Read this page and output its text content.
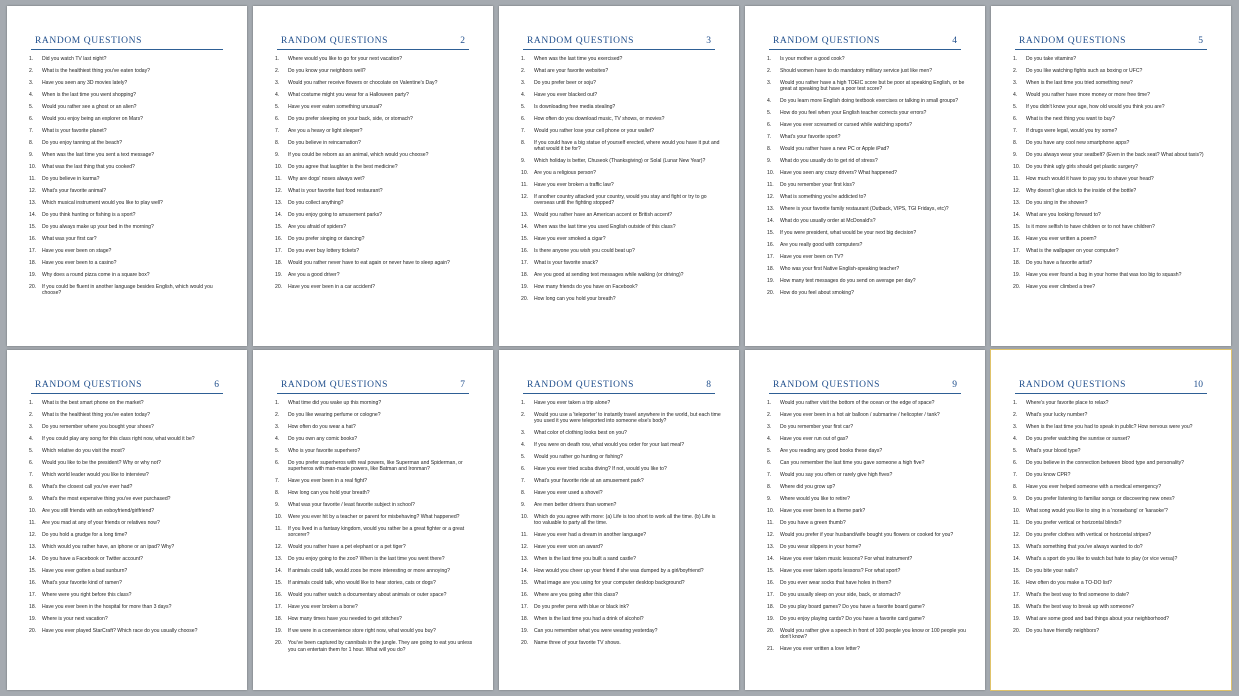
RANDOM QUESTIONS
1. Did you watch TV last night?
2. What is the healthiest thing you've eaten today?
3. Have you seen any 3D movies lately?
4. When is the last time you went shopping?
5. Would you rather see a ghost or an alien?
6. Would you enjoy being an explorer on Mars?
7. What is your favorite planet?
8. Do you enjoy tanning at the beach?
9. When was the last time you sent a text message?
10. What was the last thing that you cooked?
11. Do you believe in karma?
12. What's your favorite animal?
13. Which musical instrument would you like to play well?
14. Do you think hunting or fishing is a sport?
15. Do you always make up your bed in the morning?
16. What was your first car?
17. Have you ever been on stage?
18. Have you ever been to a casino?
19. Why does a round pizza come in a square box?
20. If you could be fluent in another language besides English, which would you choose?
RANDOM QUESTIONS	2
1. Where would you like to go for your next vacation?
2. Do you know your neighbors well?
3. Would you rather receive flowers or chocolate on Valentine's Day?
4. What costume might you wear for a Halloween party?
5. Have you ever eaten something unusual?
6. Do you prefer sleeping on your back, side, or stomach?
7. Are you a heavy or light sleeper?
8. Do you believe in reincarnation?
9. If you could be reborn as an animal, which would you choose?
10. Do you agree that laughter is the best medicine?
11. Why are dogs' noses always wet?
12. What is your favorite fast food restaurant?
13. Do you collect anything?
14. Do you enjoy going to amusement parks?
15. Are you afraid of spiders?
16. Do you prefer singing or dancing?
17. Do you ever buy lottery tickets?
18. Would you rather never have to eat again or never have to sleep again?
19. Are you a good driver?
20. Have you ever been in a car accident?
RANDOM QUESTIONS	3
1. When was the last time you exercised?
2. What are your favorite websites?
3. Do you prefer beer or soju?
4. Have you ever blacked out?
5. Is downloading free media stealing?
6. How often do you download music, TV shows, or movies?
7. Would you rather lose your cell phone or your wallet?
8. If you could have a big statue of yourself erected, where would you have it put and what would it be for?
9. Which holiday is better, Chuseok (Thanksgiving) or Solal (Lunar New Year)?
10. Are you a religious person?
11. Have you ever broken a traffic law?
12. If another country attacked your country, would you stay and fight or try to go overseas until the fighting stopped?
13. Would you rather have an American accent or British accent?
14. When was the last time you used English outside of this class?
15. Have you ever smoked a cigar?
16. Is there anyone you wish you could beat up?
17. What is your favorite snack?
18. Are you good at sending text messages while walking (or driving)?
19. How many friends do you have on Facebook?
20. How long can you hold your breath?
RANDOM QUESTIONS	4
1. Is your mother a good cook?
2. Should women have to do mandatory military service just like men?
3. Would you rather have a high TOEIC score but be poor at speaking English, or be great at speaking but have a poor test score?
4. Do you learn more English doing textbook exercises or talking in small groups?
5. How do you feel when your English teacher corrects your errors?
6. Have you ever screamed or cursed while watching sports?
7. What's your favorite sport?
8. Would you rather have a new PC or Apple iPad?
9. What do you usually do to get rid of stress?
10. Have you seen any crazy drivers? What happened?
11. Do you remember your first kiss?
12. What is something you're addicted to?
13. Where is your favorite family restaurant (Outback, VIPS, TGI Fridays, etc)?
14. What do you usually order at McDonald's?
15. If you were president, what would be your next big decision?
16. Are you really good with computers?
17. Have you ever been on TV?
18. Who was your first Native English-speaking teacher?
19. How many text messages do you send on average per day?
20. How do you feel about smoking?
RANDOM QUESTIONS	5
1. Do you take vitamins?
2. Do you like watching fights such as boxing or UFC?
3. When is the last time you tried something new?
4. Would you rather have more money or more free time?
5. If you didn't know your age, how old would you think you are?
6. What is the next thing you want to buy?
7. If drugs were legal, would you try some?
8. Do you have any cool new smartphone apps?
9. Do you always wear your seatbelt? (Even in the back seat? What about taxis?)
10. Do you think ugly girls should get plastic surgery?
11. How much would it have to pay you to shave your head?
12. Why doesn't glue stick to the inside of the bottle?
13. Do you sing in the shower?
14. What are you looking forward to?
15. Is it more selfish to have children or to not have children?
16. Have you ever written a poem?
17. What is the wallpaper on your computer?
18. Do you have a favorite artist?
19. Have you ever found a bug in your home that was too big to squash?
20. Have you ever climbed a tree?
RANDOM QUESTIONS	6
1. What is the best smart phone on the market?
2. What is the healthiest thing you've eaten today?
3. Do you remember where you bought your shoes?
4. If you could play any song for this class right now, what would it be?
5. Which relative do you visit the most?
6. Would you like to be the president? Why or why not?
7. Which world leader would you like to interview?
8. What's the closest call you've ever had?
9. What's the most expensive thing you've ever purchased?
10. Are you still friends with an exboyfriend/girlfriend?
11. Are you mad at any of your friends or relatives now?
12. Do you hold a grudge for a long time?
13. Which would you rather have, an iphone or an ipad? Why?
14. Do you have a Facebook or Twitter account?
15. Have you ever gotten a bad sunburn?
16. What's your favorite kind of ramen?
17. Where were you right before this class?
18. Have you ever been in the hospital for more than 3 days?
19. Where is your next vacation?
20. Have you ever played StarCraft? Which race do you usually choose?
RANDOM QUESTIONS	7
1. What time did you wake up this morning?
2. Do you like wearing perfume or cologne?
3. How often do you wear a hat?
4. Do you own any comic books?
5. Who is your favorite superhero?
6. Do you prefer superheros with real powers, like Superman and Spiderman, or superheros with man-made powers, like Batman and Ironman?
7. Have you ever been in a real fight?
8. How long can you hold your breath?
9. What was your favorite / least favorite subject in school?
10. Were you ever hit by a teacher or parent for misbehaving? What happened?
11. If you lived in a fantasy kingdom, would you rather be a great fighter or a great sorcerer?
12. Would you rather have a pet elephant or a pet tiger?
13. Do you enjoy going to the zoo? When is the last time you went there?
14. If animals could talk, would zoos be more interesting or more annoying?
15. If animals could talk, who would like to hear stories, cats or dogs?
16. Would you rather watch a documentary about animals or outer space?
17. Have you ever broken a bone?
18. How many times have you needed to get stitches?
19. If we were in a convenience store right now, what would you buy?
20. You've been captured by cannibals in the jungle. They are going to eat you unless you can entertain them for 1 hour. What will you do?
RANDOM QUESTIONS	8
1. Have you ever taken a trip alone?
2. Would you use a 'teleporter' to instantly travel anywhere in the world, but each time you used it you were teleported into someone else's body?
3. What color of clothing looks best on you?
4. If you were on death row, what would you order for your last meal?
5. Would you rather go hunting or fishing?
6. Have you ever tried scuba diving? If not, would you like to?
7. What's your favorite ride at an amusement park?
8. Have you ever used a shovel?
9. Are men better drivers than women?
10. Which do you agree with more: (a) Life is too short to work all the time. (b) Life is too valuable to party all the time.
11. Have you ever had a dream in another language?
12. Have you ever won an award?
13. When is the last time you built a sand castle?
14. How would you cheer up your friend if she was dumped by a girl/boyfriend?
15. What image are you using for your computer desktop background?
16. Where are you going after this class?
17. Do you prefer pens with blue or black ink?
18. When is the last time you had a drink of alcohol?
19. Can you remember what you were wearing yesterday?
20. Name three of your favorite TV shows.
RANDOM QUESTIONS	9
1. Would you rather visit the bottom of the ocean or the edge of space?
2. Have you ever been in a hot air balloon / submarine / helicopter / tank?
3. Do you remember your first car?
4. Have you ever run out of gas?
5. Are you reading any good books these days?
6. Can you remember the last time you gave someone a high five?
7. Would you say you often or rarely give high fives?
8. Where did you grow up?
9. Where would you like to retire?
10. Have you ever been to a theme park?
11. Do you have a green thumb?
12. Would you prefer if your husband/wife bought you flowers or cooked for you?
13. Do you wear slippers in your home?
14. Have you ever taken music lessons? For what instrument?
15. Have you ever taken sports lessons? For what sport?
16. Do you ever wear socks that have holes in them?
17. Do you usually sleep on your side, back, or stomach?
18. Do you play board games? Do you have a favorite board game?
19. Do you enjoy playing cards? Do you have a favorite card game?
20. Would you rather give a speech in front of 100 people you know or 100 people you don't know?
21. Have you ever written a love letter?
RANDOM QUESTIONS	10
1. Where's your favorite place to relax?
2. What's your lucky number?
3. When is the last time you had to speak in public? How nervous were you?
4. Do you prefer watching the sunrise or sunset?
5. What's your blood type?
6. Do you believe in the connection between blood type and personality?
7. Do you know CPR?
8. Have you ever helped someone with a medical emergency?
9. Do you prefer listening to familiar songs or discovering new ones?
10. What song would you like to sing in a 'noraebang' or 'karaoke'?
11. Do you prefer vertical or horizontal blinds?
12. Do you prefer clothes with vertical or horizontal stripes?
13. What's something that you've always wanted to do?
14. What's a sport do you like to watch but hate to play (or vice versa)?
15. Do you bite your nails?
16. How often do you make a TO-DO list?
17. What's the best way to find someone to date?
18. What's the best way to break up with someone?
19. What are some good and bad things about your neighborhood?
20. Do you have friendly neighbors?
